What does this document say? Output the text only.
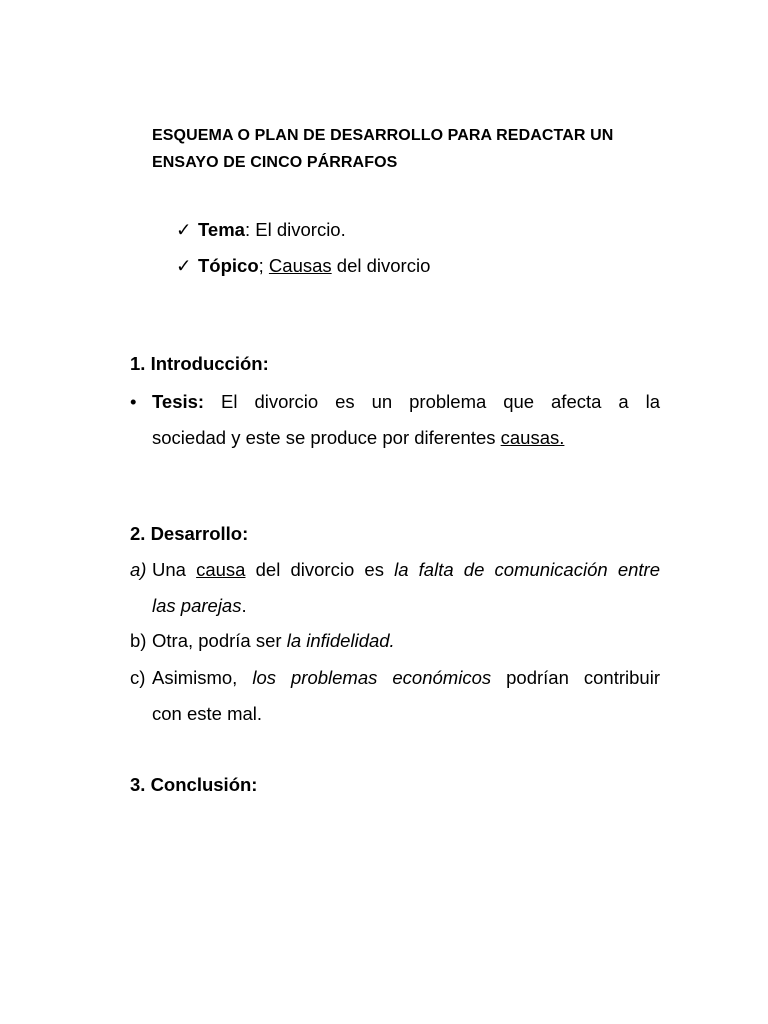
ESQUEMA O PLAN DE DESARROLLO PARA REDACTAR UN
ENSAYO DE CINCO PÁRRAFOS
✓ Tema: El divorcio.
✓ Tópico; Causas del divorcio
1. Introducción:
• Tesis: El divorcio es un problema que afecta a la
sociedad y este se produce por diferentes causas.
2. Desarrollo:
a) Una causa del divorcio es la falta de comunicación entre
las parejas.
b) Otra, podría ser la infidelidad.
c) Asimismo, los problemas económicos podrían contribuir
con este mal.
3. Conclusión:
